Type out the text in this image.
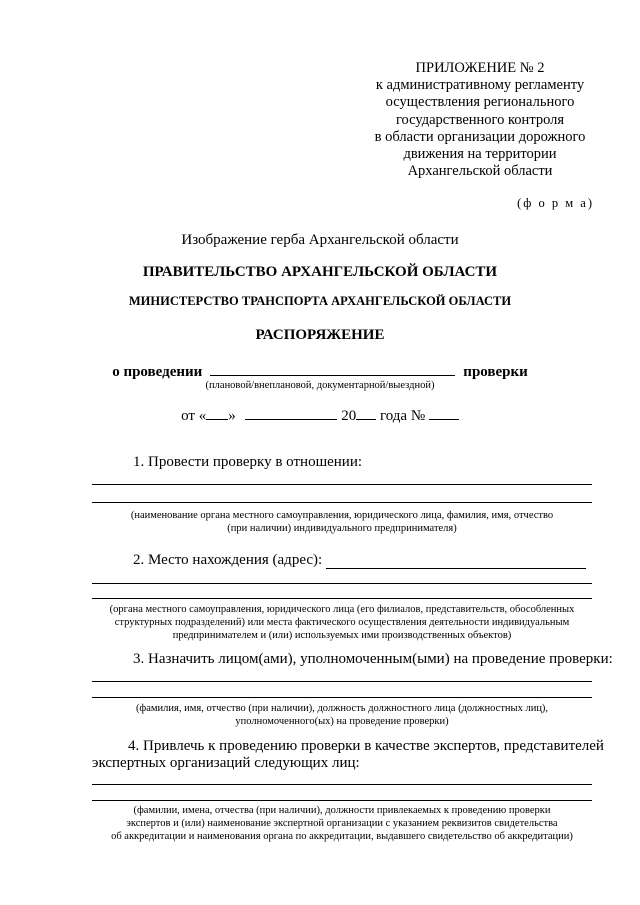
ПРИЛОЖЕНИЕ № 2
к административному регламенту
осуществления регионального
государственного контроля
в области организации дорожного
движения на территории
Архангельской области
(ф о р м а)
Изображение герба Архангельской области
ПРАВИТЕЛЬСТВО АРХАНГЕЛЬСКОЙ ОБЛАСТИ
МИНИСТЕРСТВО ТРАНСПОРТА АРХАНГЕЛЬСКОЙ ОБЛАСТИ
РАСПОРЯЖЕНИЕ
о проведении	проверки
(плановой/внеплановой, документарной/выездной)
от « »	20 года №
1. Провести проверку в отношении:
(наименование органа местного самоуправления, юридического лица, фамилия, имя, отчество
(при наличии) индивидуального предпринимателя)
2. Место нахождения (адрес):
(органа местного самоуправления, юридического лица (его филиалов, представительств, обособленных
структурных подразделений) или места фактического осуществления деятельности индивидуальным
предпринимателем и (или) используемых ими производственных объектов)
3. Назначить лицом(ами), уполномоченным(ыми) на проведение проверки:
(фамилия, имя, отчество (при наличии), должность должностного лица (должностных лиц),
уполномоченного(ых) на проведение проверки)
4. Привлечь к проведению проверки в качестве экспертов, представителей
экспертных организаций следующих лиц:
(фамилии, имена, отчества (при наличии), должности привлекаемых к проведению проверки
экспертов и (или) наименование экспертной организации с указанием реквизитов свидетельства
об аккредитации и наименования органа по аккредитации, выдавшего свидетельство об аккредитации)
